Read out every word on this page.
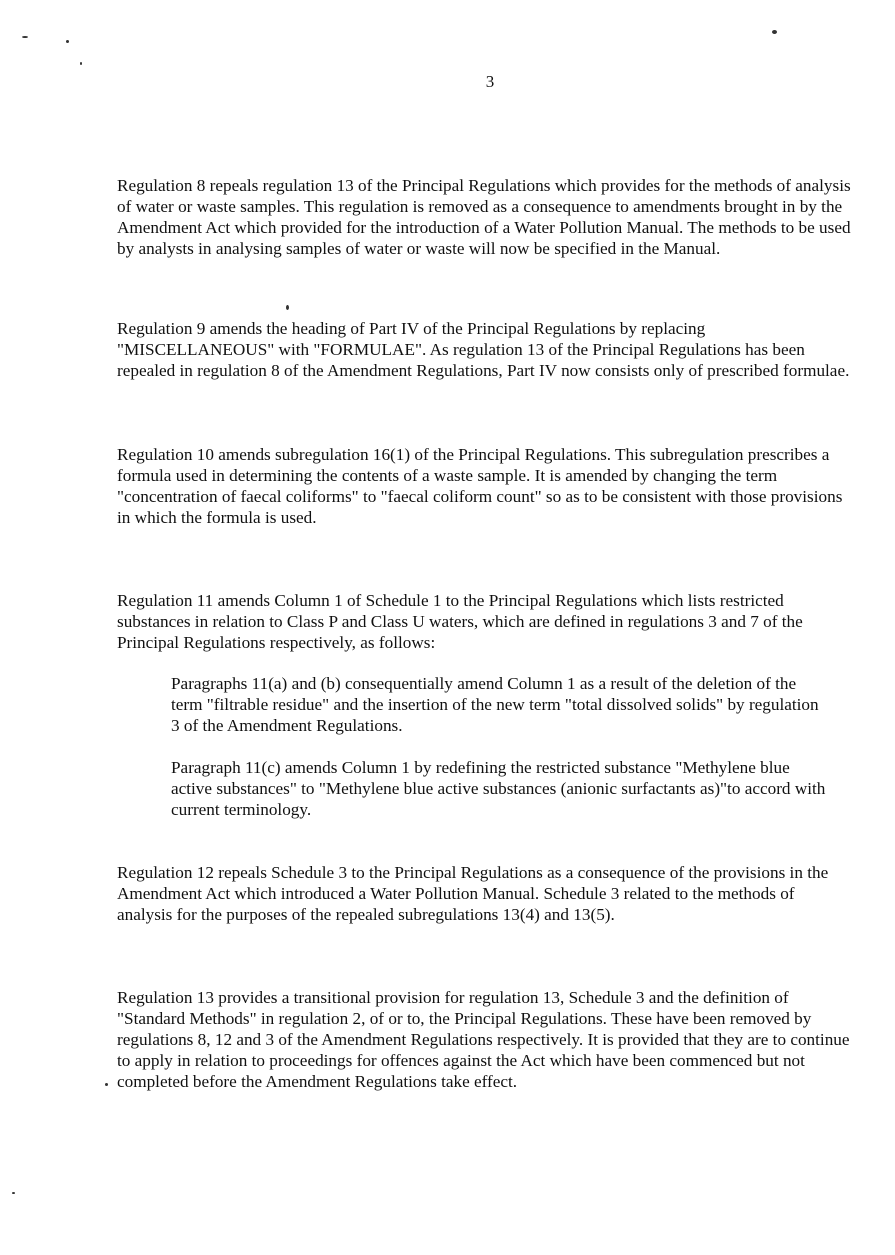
3

Regulation 8 repeals regulation 13 of the Principal Regulations which provides for the methods of analysis of water or waste samples. This regulation is removed as a consequence to amendments brought in by the Amendment Act which provided for the introduction of a Water Pollution Manual. The methods to be used by analysts in analysing samples of water or waste will now be specified in the Manual.

Regulation 9 amends the heading of Part IV of the Principal Regulations by replacing "MISCELLANEOUS" with "FORMULAE". As regulation 13 of the Principal Regulations has been repealed in regulation 8 of the Amendment Regulations, Part IV now consists only of prescribed formulae.

Regulation 10 amends subregulation 16(1) of the Principal Regulations. This subregulation prescribes a formula used in determining the contents of a waste sample. It is amended by changing the term "concentration of faecal coliforms" to "faecal coliform count" so as to be consistent with those provisions in which the formula is used.

Regulation 11 amends Column 1 of Schedule 1 to the Principal Regulations which lists restricted substances in relation to Class P and Class U waters, which are defined in regulations 3 and 7 of the Principal Regulations respectively, as follows:

Paragraphs 11(a) and (b) consequentially amend Column 1 as a result of the deletion of the term "filtrable residue" and the insertion of the new term "total dissolved solids" by regulation 3 of the Amendment Regulations.

Paragraph 11(c) amends Column 1 by redefining the restricted substance "Methylene blue active substances" to "Methylene blue active substances (anionic surfactants as)"to accord with current terminology.

Regulation 12 repeals Schedule 3 to the Principal Regulations as a consequence of the provisions in the Amendment Act which introduced a Water Pollution Manual. Schedule 3 related to the methods of analysis for the purposes of the repealed subregulations 13(4) and 13(5).

Regulation 13 provides a transitional provision for regulation 13, Schedule 3 and the definition of "Standard Methods" in regulation 2, of or to, the Principal Regulations. These have been removed by regulations 8, 12 and 3 of the Amendment Regulations respectively. It is provided that they are to continue to apply in relation to proceedings for offences against the Act which have been commenced but not completed before the Amendment Regulations take effect.
